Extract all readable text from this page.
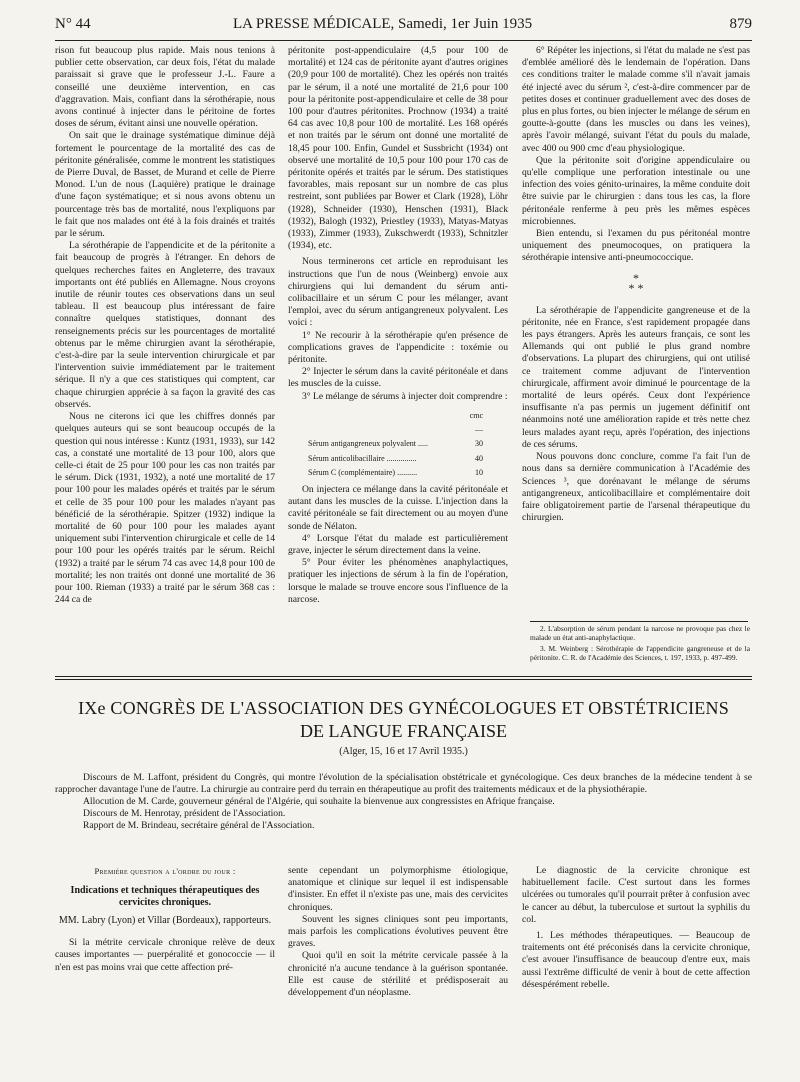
N° 44	LA PRESSE MÉDICALE, Samedi, 1er Juin 1935	879

rison fut beaucoup plus rapide. Mais nous tenions à publier cette observation, car deux fois, l'état du malade paraissait si grave que le professeur J.-L. Faure a conseillé une deuxième intervention, en cas d'aggravation. Mais, confiant dans la sérothérapie, nous avons continué à injecter dans le péritoine de fortes doses de sérum, évitant ainsi une nouvelle opération.

On sait que le drainage systématique diminue déjà fortement le pourcentage de la mortalité des cas de péritonite généralisée, comme le montrent les statistiques de Pierre Duval, de Basset, de Murand et celle de Pierre Monod. L'un de nous (Laquière) pratique le drainage d'une façon systématique; et si nous avons obtenu un pourcentage très bas de mortalité, nous l'expliquons par le fait que nos malades ont été à la fois drainés et traités par le sérum.

La sérothérapie de l'appendicite et de la péritonite a fait beaucoup de progrès à l'étranger. En dehors de quelques recherches faites en Angleterre, des travaux importants ont été publiés en Allemagne. Nous croyons inutile de réunir toutes ces observations dans un seul tableau. Il est beaucoup plus intéressant de faire connaître quelques statistiques, donnant des renseignements précis sur les pourcentages de mortalité obtenus par le même chirurgien avant la sérothérapie, c'est-à-dire par la seule intervention chirurgicale et par l'intervention suivie immédiatement par le traitement sérique. Il n'y a que ces statistiques qui comptent, car chaque chirurgien apprécie à sa façon la gravité des cas observés.

Nous ne citerons ici que les chiffres donnés par quelques auteurs qui se sont beaucoup occupés de la question qui nous intéresse : Kuntz (1931, 1933), sur 142 cas, a constaté une mortalité de 13 pour 100, alors que celle-ci était de 25 pour 100 pour les cas non traités par le sérum. Dick (1931, 1932), a noté une mortalité de 17 pour 100 pour les malades opérés et traités par le sérum et celle de 35 pour 100 pour les malades n'ayant pas bénéficié de la sérothérapie. Spitzer (1932) indique la mortalité de 60 pour 100 pour les malades ayant uniquement subi l'intervention chirurgicale et celle de 14 pour 100 pour les opérés traités par le sérum. Reichl (1932) a traité par le sérum 74 cas avec 14,8 pour 100 de mortalité; les non traités ont donné une mortalité de 36 pour 100. Rieman (1933) a traité par le sérum 368 cas : 244 ca de

péritonite post-appendiculaire (4,5 pour 100 de mortalité) et 124 cas de péritonite ayant d'autres origines (20,9 pour 100 de mortalité). Chez les opérés non traités par le sérum, il a noté une mortalité de 21,6 pour 100 pour la péritonite post-appendiculaire et celle de 38 pour 100 pour d'autres péritonites. Prochnow (1934) a traité 64 cas avec 10,8 pour 100 de mortalité. Les 168 opérés et non traités par le sérum ont donné une mortalité de 18,45 pour 100. Enfin, Gundel et Sussbricht (1934) ont observé une mortalité de 10,5 pour 100 pour 170 cas de péritonite opérés et traités par le sérum. Des statistiques favorables, mais reposant sur un nombre de cas plus restreint, sont publiées par Bower et Clark (1928), Löhr (1928), Schneider (1930), Henschen (1931), Black (1932), Balogh (1932), Priestley (1933), Matyas-Matyas (1933), Zimmer (1933), Zukschwerdt (1933), Schnitzler (1934), etc.

Nous terminerons cet article en reproduisant les instructions que l'un de nous (Weinberg) envoie aux chirurgiens qui lui demandent du sérum anti-colibacillaire et un sérum C pour les mélanger, avant l'emploi, avec du sérum antigangreneux polyvalent. Les voici :

1° Ne recourir à la sérothérapie qu'en présence de complications graves de l'appendicite : toxémie ou péritonite.

2° Injecter le sérum dans la cavité péritonéale et dans les muscles de la cuisse.

3° Le mélange de sérums à injecter doit comprendre :

	cmc
	—
Sérum antigangreneux polyvalent .....	30
Sérum anticolibacillaire ...............	40
Sérum C (complémentaire) ..........	10

On injectera ce mélange dans la cavité péritonéale et autant dans les muscles de la cuisse. L'injection dans la cavité péritonéale se fait directement ou au moyen d'une sonde de Nélaton.

4° Lorsque l'état du malade est particulièrement grave, injecter le sérum directement dans la veine.

5° Pour éviter les phénomènes anaphylactiques, pratiquer les injections de sérum à la fin de l'opération, lorsque le malade se trouve encore sous l'influence de la narcose.

6° Répéter les injections, si l'état du malade ne s'est pas d'emblée amélioré dès le lendemain de l'opération. Dans ces conditions traiter le malade comme s'il n'avait jamais été injecté avec du sérum ², c'est-à-dire commencer par de petites doses et continuer graduellement avec des doses de plus en plus fortes, ou bien injecter le mélange de sérum en goutte-à-goutte (dans les muscles ou dans les veines), après l'avoir mélangé, suivant l'état du pouls du malade, avec 400 ou 900 cmc d'eau physiologique.

Que la péritonite soit d'origine appendiculaire ou qu'elle complique une perforation intestinale ou une infection des voies génito-urinaires, la même conduite doit être suivie par le chirurgien : dans tous les cas, la flore péritonéale renferme à peu près les mêmes espèces microbiennes.

Bien entendu, si l'examen du pus péritonéal montre uniquement des pneumocoques, on pratiquera la sérothérapie intensive anti-pneumococcique.

*
* *

La sérothérapie de l'appendicite gangreneuse et de la péritonite, née en France, s'est rapidement propagée dans les pays étrangers. Après les auteurs français, ce sont les Allemands qui ont publié le plus grand nombre d'observations. La plupart des chirurgiens, qui ont utilisé ce traitement comme adjuvant de l'intervention chirurgicale, affirment avoir diminué le pourcentage de la mortalité de leurs opérés. Ceux dont l'expérience insuffisante n'a pas permis un jugement définitif ont néanmoins noté une amélioration rapide et très nette chez leurs malades ayant reçu, après l'opération, des injections de ces sérums.

Nous pouvons donc conclure, comme l'a fait l'un de nous dans sa dernière communication à l'Académie des Sciences ³, que dorénavant le mélange de sérums antigangreneux, anticolibacillaire et complémentaire doit faire obligatoirement partie de l'arsenal thérapeutique du chirurgien.

2. L'absorption de sérum pendant la narcose ne provoque pas chez le malade un état anti-anaphylactique.

3. M. Weinberg : Sérothérapie de l'appendicite gangreneuse et de la péritonite. C. R. de l'Académie des Sciences, t. 197, 1933, p. 497-499.

IXe CONGRÈS DE L'ASSOCIATION DES GYNÉCOLOGUES ET OBSTÉTRICIENS
DE LANGUE FRANÇAISE
(Alger, 15, 16 et 17 Avril 1935.)

Discours de M. Laffont, président du Congrès, qui montre l'évolution de la spécialisation obstétricale et gynécologique. Ces deux branches de la médecine tendent à se rapprocher davantage l'une de l'autre. La chirurgie au contraire perd du terrain en thérapeutique au profit des traitements médicaux et de la physiothérapie.

Allocution de M. Carde, gouverneur général de l'Algérie, qui souhaite la bienvenue aux congressistes en Afrique française.

Discours de M. Henrotay, président de l'Association.

Rapport de M. Brindeau, secrétaire général de l'Association.

Première question a l'ordre du jour :
Indications et techniques thérapeutiques des cervicites chroniques.
MM. Labry (Lyon) et Villar (Bordeaux), rapporteurs.

Si la métrite cervicale chronique relève de deux causes importantes — puerpéralité et gonococcie — il n'en est pas moins vrai que cette affection pré-

sente cependant un polymorphisme étiologique, anatomique et clinique sur lequel il est indispensable d'insister. En effet il n'existe pas une, mais des cervicites chroniques.

Souvent les signes cliniques sont peu importants, mais parfois les complications évolutives peuvent être graves.

Quoi qu'il en soit la métrite cervicale passée à la chronicité n'a aucune tendance à la guérison spontanée. Elle est cause de stérilité et prédisposerait au développement d'un néoplasme.

Le diagnostic de la cervicite chronique est habituellement facile. C'est surtout dans les formes ulcérées ou tumorales qu'il pourrait prêter à confusion avec le cancer au début, la tuberculose et surtout la syphilis du col.

1. Les méthodes thérapeutiques. — Beaucoup de traitements ont été préconisés dans la cervicite chronique, c'est avouer l'insuffisance de beaucoup d'entre eux, mais aussi l'extrême difficulté de venir à bout de cette affection désespérément rebelle.
